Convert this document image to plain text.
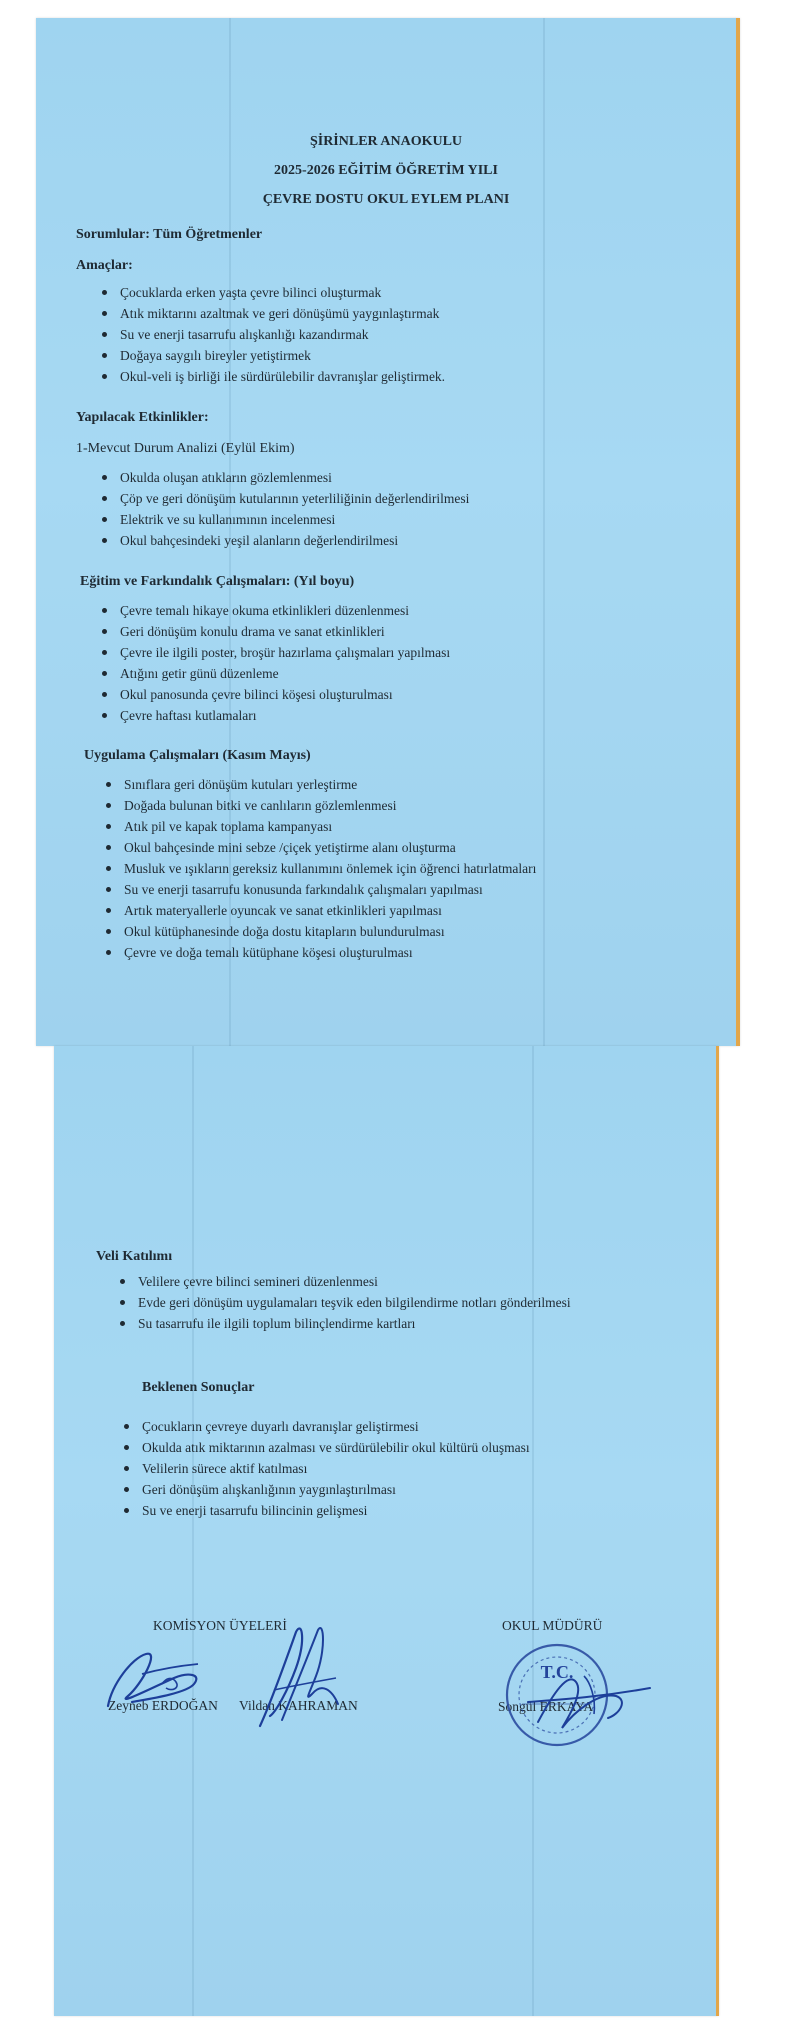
ŞİRİNLER ANAOKULU
2025-2026 EĞİTİM ÖĞRETİM YILI
ÇEVRE DOSTU OKUL EYLEM PLANI
Sorumlular: Tüm Öğretmenler
Amaçlar:
Çocuklarda erken yaşta çevre bilinci oluşturmak
Atık miktarını azaltmak ve geri dönüşümü yaygınlaştırmak
Su ve enerji tasarrufu alışkanlığı kazandırmak
Doğaya saygılı bireyler yetiştirmek
Okul-veli iş birliği ile sürdürülebilir davranışlar geliştirmek.
Yapılacak Etkinlikler:
1-Mevcut Durum Analizi (Eylül Ekim)
Okulda oluşan atıkların gözlemlenmesi
Çöp ve geri dönüşüm kutularının yeterliliğinin değerlendirilmesi
Elektrik ve su kullanımının incelenmesi
Okul bahçesindeki yeşil alanların değerlendirilmesi
Eğitim ve Farkındalık Çalışmaları: (Yıl boyu)
Çevre temalı hikaye okuma etkinlikleri düzenlenmesi
Geri dönüşüm konulu drama ve sanat etkinlikleri
Çevre ile ilgili poster, broşür hazırlama çalışmaları yapılması
Atığını getir günü düzenleme
Okul panosunda çevre bilinci köşesi oluşturulması
Çevre haftası kutlamaları
Uygulama Çalışmaları (Kasım Mayıs)
Sınıflara geri dönüşüm kutuları yerleştirme
Doğada bulunan bitki ve canlıların gözlemlenmesi
Atık pil ve kapak toplama kampanyası
Okul bahçesinde mini sebze /çiçek yetiştirme alanı oluşturma
Musluk ve ışıkların gereksiz kullanımını önlemek için öğrenci hatırlatmaları
Su ve enerji tasarrufu konusunda farkındalık çalışmaları yapılması
Artık materyallerle oyuncak ve sanat etkinlikleri yapılması
Okul kütüphanesinde doğa dostu kitapların bulundurulması
Çevre ve doğa temalı kütüphane köşesi oluşturulması
Veli Katılımı
Velilere çevre bilinci semineri düzenlenmesi
Evde geri dönüşüm uygulamaları teşvik eden bilgilendirme notları gönderilmesi
Su tasarrufu ile ilgili toplum bilinçlendirme kartları
Beklenen Sonuçlar
Çocukların çevreye duyarlı davranışlar geliştirmesi
Okulda atık miktarının azalması ve sürdürülebilir okul kültürü oluşması
Velilerin sürece aktif katılması
Geri dönüşüm alışkanlığının yaygınlaştırılması
Su ve enerji tasarrufu bilincinin gelişmesi
KOMİSYON ÜYELERİ	OKUL MÜDÜRÜ
Zeyneb ERDOĞAN Vildan KAHRAMAN	Songül ERKAYA
T.C.
